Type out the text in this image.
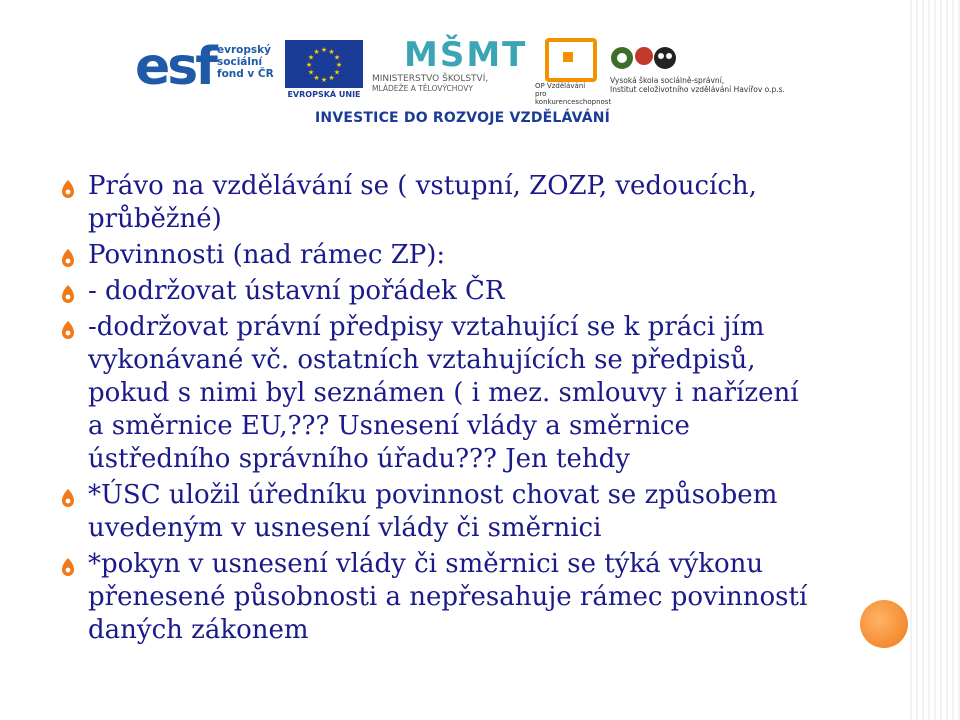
esf evropský
sociální
fond v ČR
★
★
★
★
★
★
★
★
★ ★ ★
★
EVROPSKÁ UNIE
MŠMT
MINISTERSTVO ŠKOLSTVÍ,
MLÁDEŽE A TĚLOVÝCHOVY	OP Vzdělávání
pro konkurenceschopnost
Vysoká škola sociálně-správní,
Institut celoživotního vzdělávání Havířov o.p.s.
INVESTICE DO ROZVOJE VZDĚLÁVÁNÍ
Právo na vzdělávání se ( vstupní, ZOZP, vedoucích,
průběžné)
Povinnosti (nad rámec ZP):
- dodržovat ústavní pořádek ČR
-dodržovat právní předpisy vztahující se k práci jím
vykonávané vč. ostatních vztahujících se předpisů,
pokud s nimi byl seznámen ( i mez. smlouvy i nařízení
a směrnice EU,??? Usnesení vlády a směrnice
ústředního správního úřadu??? Jen tehdy
*ÚSC uložil úředníku povinnost chovat se způsobem
uvedeným v usnesení vlády či směrnici
*pokyn v usnesení vlády či směrnici se týká výkonu
přenesené působnosti a nepřesahuje rámec povinností
daných zákonem
